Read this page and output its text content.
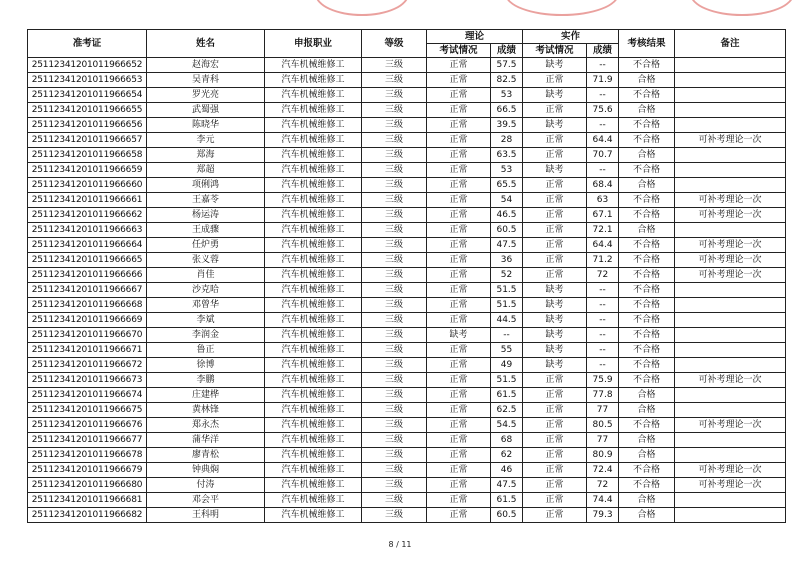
准考证	姓名	申报职业	等级	理论		实作		考核结果	备注
				考试情况	成绩	考试情况	成绩		
25112341201011966652	赵海宏	汽车机械维修工	三级	正常	57.5	缺考	--	不合格	
25112341201011966653	吴青科	汽车机械维修工	三级	正常	82.5	正常	71.9	合格	
25112341201011966654	罗光亮	汽车机械维修工	三级	正常	53	缺考	--	不合格	
25112341201011966655	武蜀强	汽车机械维修工	三级	正常	66.5	正常	75.6	合格	
25112341201011966656	陈晓华	汽车机械维修工	三级	正常	39.5	缺考	--	不合格	
25112341201011966657	李元	汽车机械维修工	三级	正常	28	正常	64.4	不合格	可补考理论一次
25112341201011966658	郑海	汽车机械维修工	三级	正常	63.5	正常	70.7	合格	
25112341201011966659	郑超	汽车机械维修工	三级	正常	53	缺考	--	不合格	
25112341201011966660	项俐鸿	汽车机械维修工	三级	正常	65.5	正常	68.4	合格	
25112341201011966661	王嘉苓	汽车机械维修工	三级	正常	54	正常	63	不合格	可补考理论一次
25112341201011966662	杨运涛	汽车机械维修工	三级	正常	46.5	正常	67.1	不合格	可补考理论一次
25112341201011966663	王成骤	汽车机械维修工	三级	正常	60.5	正常	72.1	合格	
25112341201011966664	任炉勇	汽车机械维修工	三级	正常	47.5	正常	64.4	不合格	可补考理论一次
25112341201011966665	张义蓉	汽车机械维修工	三级	正常	36	正常	71.2	不合格	可补考理论一次
25112341201011966666	肖佳	汽车机械维修工	三级	正常	52	正常	72	不合格	可补考理论一次
25112341201011966667	沙克哈	汽车机械维修工	三级	正常	51.5	缺考	--	不合格	
25112341201011966668	邓曾华	汽车机械维修工	三级	正常	51.5	缺考	--	不合格	
25112341201011966669	李斌	汽车机械维修工	三级	正常	44.5	缺考	--	不合格	
25112341201011966670	李润金	汽车机械维修工	三级	缺考	--	缺考	--	不合格	
25112341201011966671	鲁正	汽车机械维修工	三级	正常	55	缺考	--	不合格	
25112341201011966672	徐博	汽车机械维修工	三级	正常	49	缺考	--	不合格	
25112341201011966673	李鹏	汽车机械维修工	三级	正常	51.5	正常	75.9	不合格	可补考理论一次
25112341201011966674	庄建桦	汽车机械维修工	三级	正常	61.5	正常	77.8	合格	
25112341201011966675	黄林锋	汽车机械维修工	三级	正常	62.5	正常	77	合格	
25112341201011966676	郑永杰	汽车机械维修工	三级	正常	54.5	正常	80.5	不合格	可补考理论一次
25112341201011966677	蒲华洋	汽车机械维修工	三级	正常	68	正常	77	合格	
25112341201011966678	廖青松	汽车机械维修工	三级	正常	62	正常	80.9	合格	
25112341201011966679	钟典焖	汽车机械维修工	三级	正常	46	正常	72.4	不合格	可补考理论一次
25112341201011966680	付涛	汽车机械维修工	三级	正常	47.5	正常	72	不合格	可补考理论一次
25112341201011966681	邓会平	汽车机械维修工	三级	正常	61.5	正常	74.4	合格	
25112341201011966682	王科明	汽车机械维修工	三级	正常	60.5	正常	79.3	合格	
8 / 11
